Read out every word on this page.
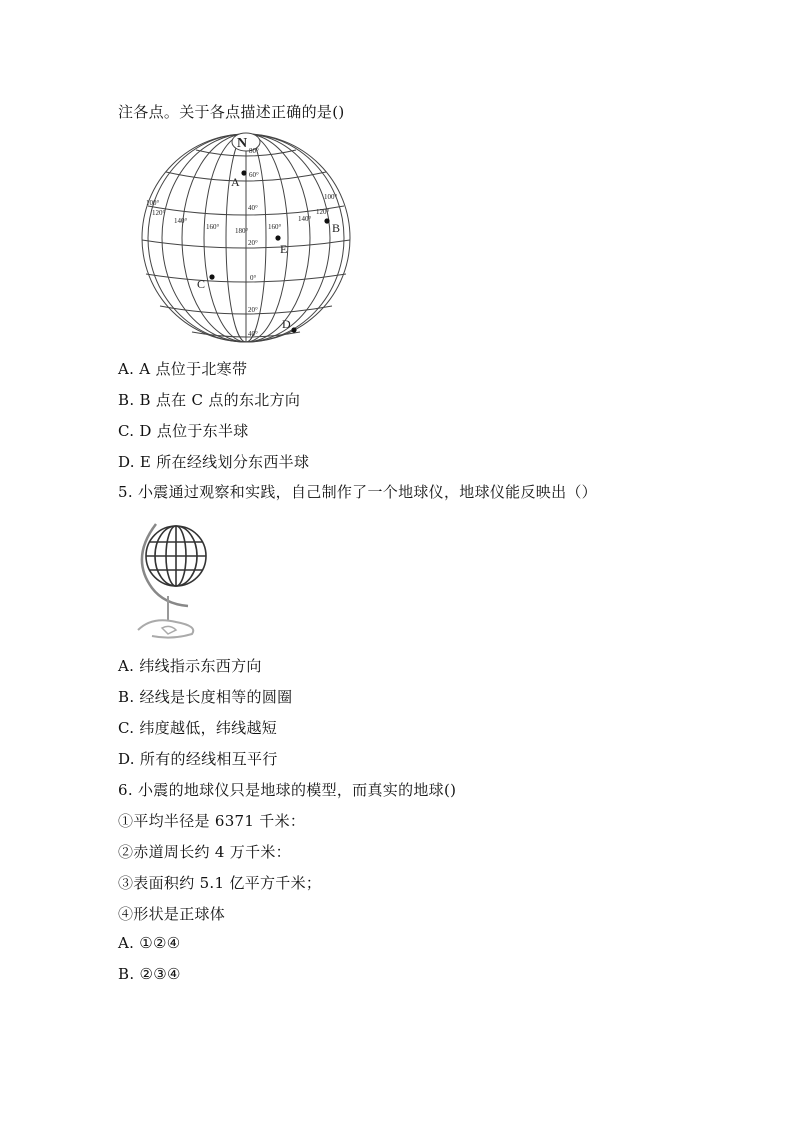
注各点。关于各点描述正确的是()
N 80°
60°
40°
20°
0°
20°
40°
100°
120°
140°
160° 180°	160°
140°
120°
100°
A
B
C
D
E
A. A 点位于北寒带
B. B 点在 C 点的东北方向
C. D 点位于东半球
D. E 所在经线划分东西半球
5. 小震通过观察和实践，自己制作了一个地球仪，地球仪能反映出（）
A. 纬线指示东西方向
B. 经线是长度相等的圆圈
C. 纬度越低，纬线越短
D. 所有的经线相互平行
6. 小震的地球仪只是地球的模型，而真实的地球()
①平均半径是 6371 千米：
②赤道周长约 4 万千米：
③表面积约 5.1 亿平方千米；
④形状是正球体
A. ①②④
B. ②③④
